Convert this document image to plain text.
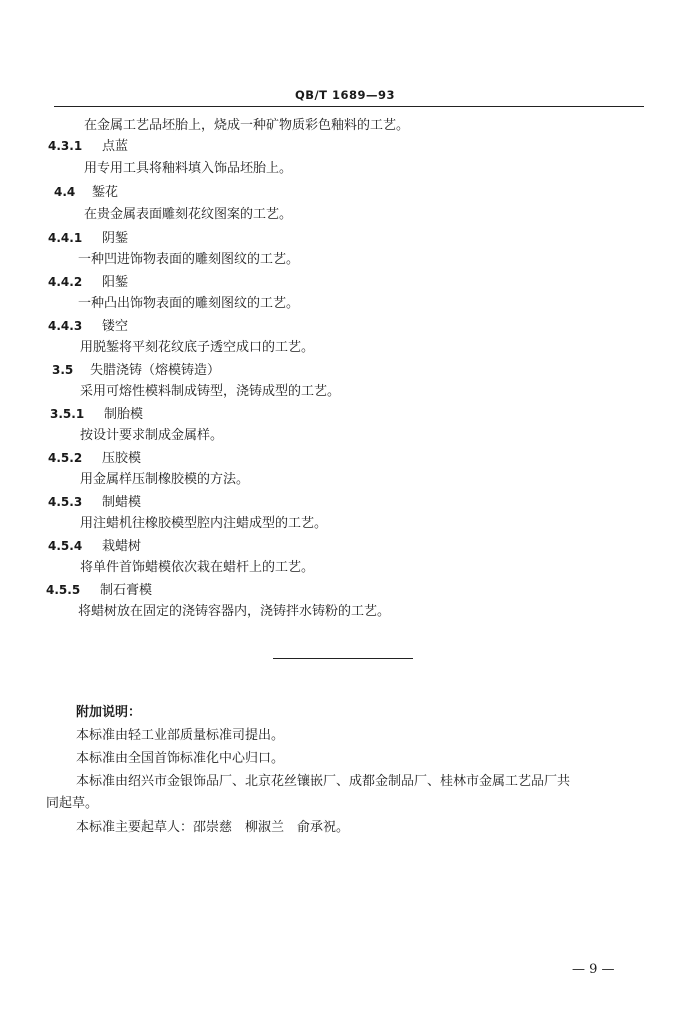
QB/T 1689—93
在金属工艺品坯胎上，烧成一种矿物质彩色釉料的工艺。
4.3.1 点蓝
用专用工具将釉料填入饰品坯胎上。
4.4 錾花
在贵金属表面雕刻花纹图案的工艺。
4.4.1 阴錾
一种凹进饰物表面的雕刻图纹的工艺。
4.4.2 阳錾
一种凸出饰物表面的雕刻图纹的工艺。
4.4.3 镂空
用脱錾将平刻花纹底子透空成口的工艺。
3.5 失腊浇铸（熔模铸造）
采用可熔性模料制成铸型，浇铸成型的工艺。
3.5.1 制胎模
按设计要求制成金属样。
4.5.2 压胶模
用金属样压制橡胶模的方法。
4.5.3 制蜡模
用注蜡机往橡胶模型腔内注蜡成型的工艺。
4.5.4 栽蜡树
将单件首饰蜡模依次栽在蜡杆上的工艺。
4.5.5 制石膏模
将蜡树放在固定的浇铸容器内，浇铸拌水铸粉的工艺。
附加说明：
本标准由轻工业部质量标准司提出。
本标准由全国首饰标准化中心归口。
本标准由绍兴市金银饰品厂、北京花丝镶嵌厂、成都金制品厂、桂林市金属工艺品厂共
同起草。
本标准主要起草人：邵崇慈　柳淑兰　俞承祝。
— 9 —
